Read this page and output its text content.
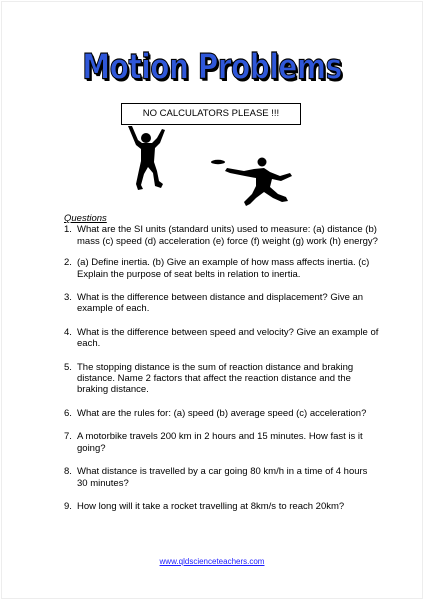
Motion Problems
NO CALCULATORS PLEASE !!!
Questions
1. What are the SI units (standard units) used to measure: (a) distance (b) mass (c) speed (d) acceleration (e) force (f) weight (g) work (h) energy?
2. (a) Define inertia. (b) Give an example of how mass affects inertia. (c) Explain the purpose of seat belts in relation to inertia.
3. What is the difference between distance and displacement? Give an example of each.
4. What is the difference between speed and velocity? Give an example of each.
5. The stopping distance is the sum of reaction distance and braking distance. Name 2 factors that affect the reaction distance and the braking distance.
6. What are the rules for: (a) speed (b) average speed (c) acceleration?
7. A motorbike travels 200 km in 2 hours and 15 minutes. How fast is it going?
8. What distance is travelled by a car going 80 km/h in a time of 4 hours 30 minutes?
9. How long will it take a rocket travelling at 8km/s to reach 20km?
www.qldscienceteachers.com
